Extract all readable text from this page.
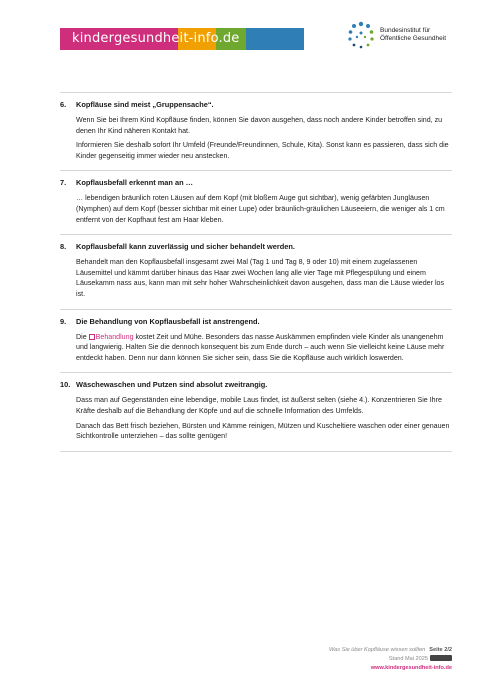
kindergesundheit-info.de
Bundesinstitut für
Öffentliche Gesundheit
6.	Kopfläuse sind meist „Gruppensache“.

Wenn Sie bei Ihrem Kind Kopfläuse finden, können Sie davon ausgehen, dass noch andere Kinder betroffen sind, zu denen Ihr Kind näheren Kontakt hat.

Informieren Sie deshalb sofort Ihr Umfeld (Freunde/Freundinnen, Schule, Kita). Sonst kann es passieren, dass sich die Kinder gegenseitig immer wieder neu anstecken.

7.	Kopflausbefall erkennt man an …

… lebendigen bräunlich roten Läusen auf dem Kopf (mit bloßem Auge gut sichtbar), wenig gefärbten Jungläusen (Nymphen) auf dem Kopf (besser sichtbar mit einer Lupe) oder bräunlich-gräulichen Läuseeiern, die weniger als 1 cm entfernt von der Kopfhaut fest am Haar kleben.

8.	Kopflausbefall kann zuverlässig und sicher behandelt werden.

Behandelt man den Kopflausbefall insgesamt zwei Mal (Tag 1 und Tag 8, 9 oder 10) mit einem zugelassenen Läusemittel und kämmt darüber hinaus das Haar zwei Wochen lang alle vier Tage mit Pflegespülung und einem Läusekamm nass aus, kann man mit sehr hoher Wahrscheinlichkeit davon ausgehen, dass man die Läuse wieder los ist.

9.	Die Behandlung von Kopflausbefall ist anstrengend.

Die Behandlung kostet Zeit und Mühe. Besonders das nasse Auskämmen empfinden viele Kinder als unangenehm und langwierig. Halten Sie die dennoch konsequent bis zum Ende durch – auch wenn Sie vielleicht keine Läuse mehr entdeckt haben. Denn nur dann können Sie sicher sein, dass Sie die Kopfläuse auch wirklich loswerden.

10. Wäschewaschen und Putzen sind absolut zweitrangig.

Dass man auf Gegenständen eine lebendige, mobile Laus findet, ist äußerst selten (siehe 4.). Konzentrieren Sie Ihre Kräfte deshalb auf die Behandlung der Köpfe und auf die schnelle Information des Umfelds.

Danach das Bett frisch beziehen, Bürsten und Kämme reinigen, Mützen und Kuscheltiere waschen oder einer genauen Sichtkontrolle unterziehen – das sollte genügen!

Was Sie über Kopfläuse wissen sollten Seite 2/2
Stand Mai 2025
www.kindergesundheit-info.de
